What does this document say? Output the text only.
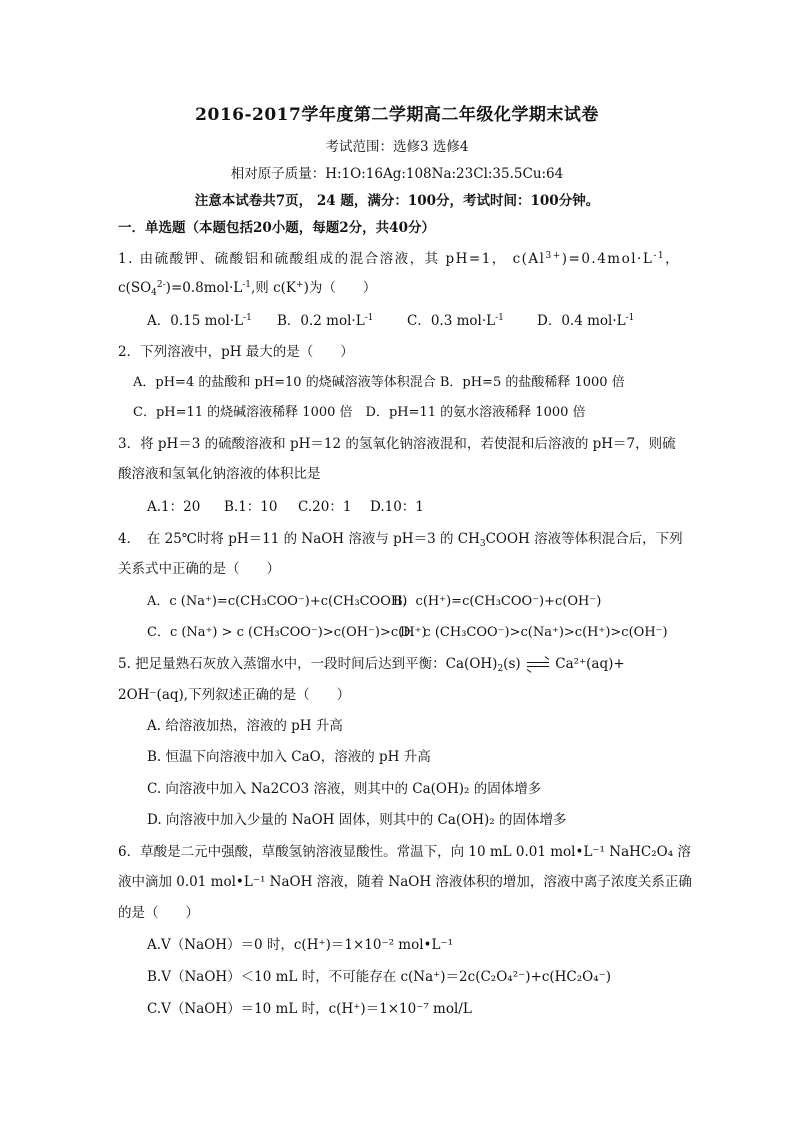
2016-2017学年度第二学期高二年级化学期末试卷
考试范围：选修3 选修4
相对原子质量：H:1O:16Ag:108Na:23Cl:35.5Cu:64
注意本试卷共7页， 24 题，满分：100分，考试时间：100分钟。
一．单选题（本题包括20小题，每题2分，共40分）
1. 由硫酸钾、硫酸铝和硫酸组成的混合溶液，其 pH=1， $c(Al^{3+})=0.4mol\cdot L^{-1}$，
$c(SO_4^{2-})=0.8mol\cdot L^{-1}$,则 c(K+)为（　　）
A．0.15 $mol\cdot L^{-1}$ B．0.2 $mol\cdot L^{-1}$ C．0.3 $mol\cdot L^{-1}$ D．0.4 $mol\cdot L^{-1}$
2．下列溶液中，pH 最大的是（　　）
A．pH=4 的盐酸和 pH=10 的烧碱溶液等体积混合 B．pH=5 的盐酸稀释 1000 倍
C．pH=11 的烧碱溶液稀释 1000 倍　D．pH=11 的氨水溶液稀释 1000 倍
3．将 pH＝3 的硫酸溶液和 pH＝12 的氢氧化钠溶液混和，若使混和后溶液的 pH＝7，则硫
酸溶液和氢氧化钠溶液的体积比是
A.1：20 B.1：10 C.20：1 D.10：1
4．　在 25℃时将 pH＝11 的 NaOH 溶液与 pH＝3 的 $CH_3COOH$ 溶液等体积混合后，下列
关系式中正确的是（　　）
A．c (Na⁺)=c(CH₃COO⁻)+c(CH₃COOH)
B．c(H⁺)=c(CH₃COO⁻)+c(OH⁻)
C．c (Na⁺) > c (CH₃COO⁻)>c(OH⁻)>c(H⁺)
D．c (CH₃COO⁻)>c(Na⁺)>c(H⁺)>c(OH⁻)
5. 把足量熟石灰放入蒸馏水中，一段时间后达到平衡：$Ca(OH)_2(s)$	Ca²⁺(aq)+
2OH⁻(aq),下列叙述正确的是（　　）
A. 给溶液加热，溶液的 pH 升高
B. 恒温下向溶液中加入 CaO，溶液的 pH 升高
C. 向溶液中加入 Na2CO3 溶液，则其中的 Ca(OH)₂ 的固体增多
D. 向溶液中加入少量的 NaOH 固体，则其中的 Ca(OH)₂ 的固体增多
6．草酸是二元中强酸，草酸氢钠溶液显酸性。常温下，向 10 mL 0.01 mol•L⁻¹ NaHC₂O₄ 溶
液中滴加 0.01 mol•L⁻¹ NaOH 溶液，随着 NaOH 溶液体积的增加，溶液中离子浓度关系正确
的是（　　）
A.V（NaOH）＝0 时，c(H⁺)＝1×10⁻² mol•L⁻¹
B.V（NaOH）＜10 mL 时，不可能存在 c(Na⁺)＝2c(C₂O₄²⁻)+c(HC₂O₄⁻)
C.V（NaOH）＝10 mL 时，c(H⁺)＝1×10⁻⁷ mol/L
